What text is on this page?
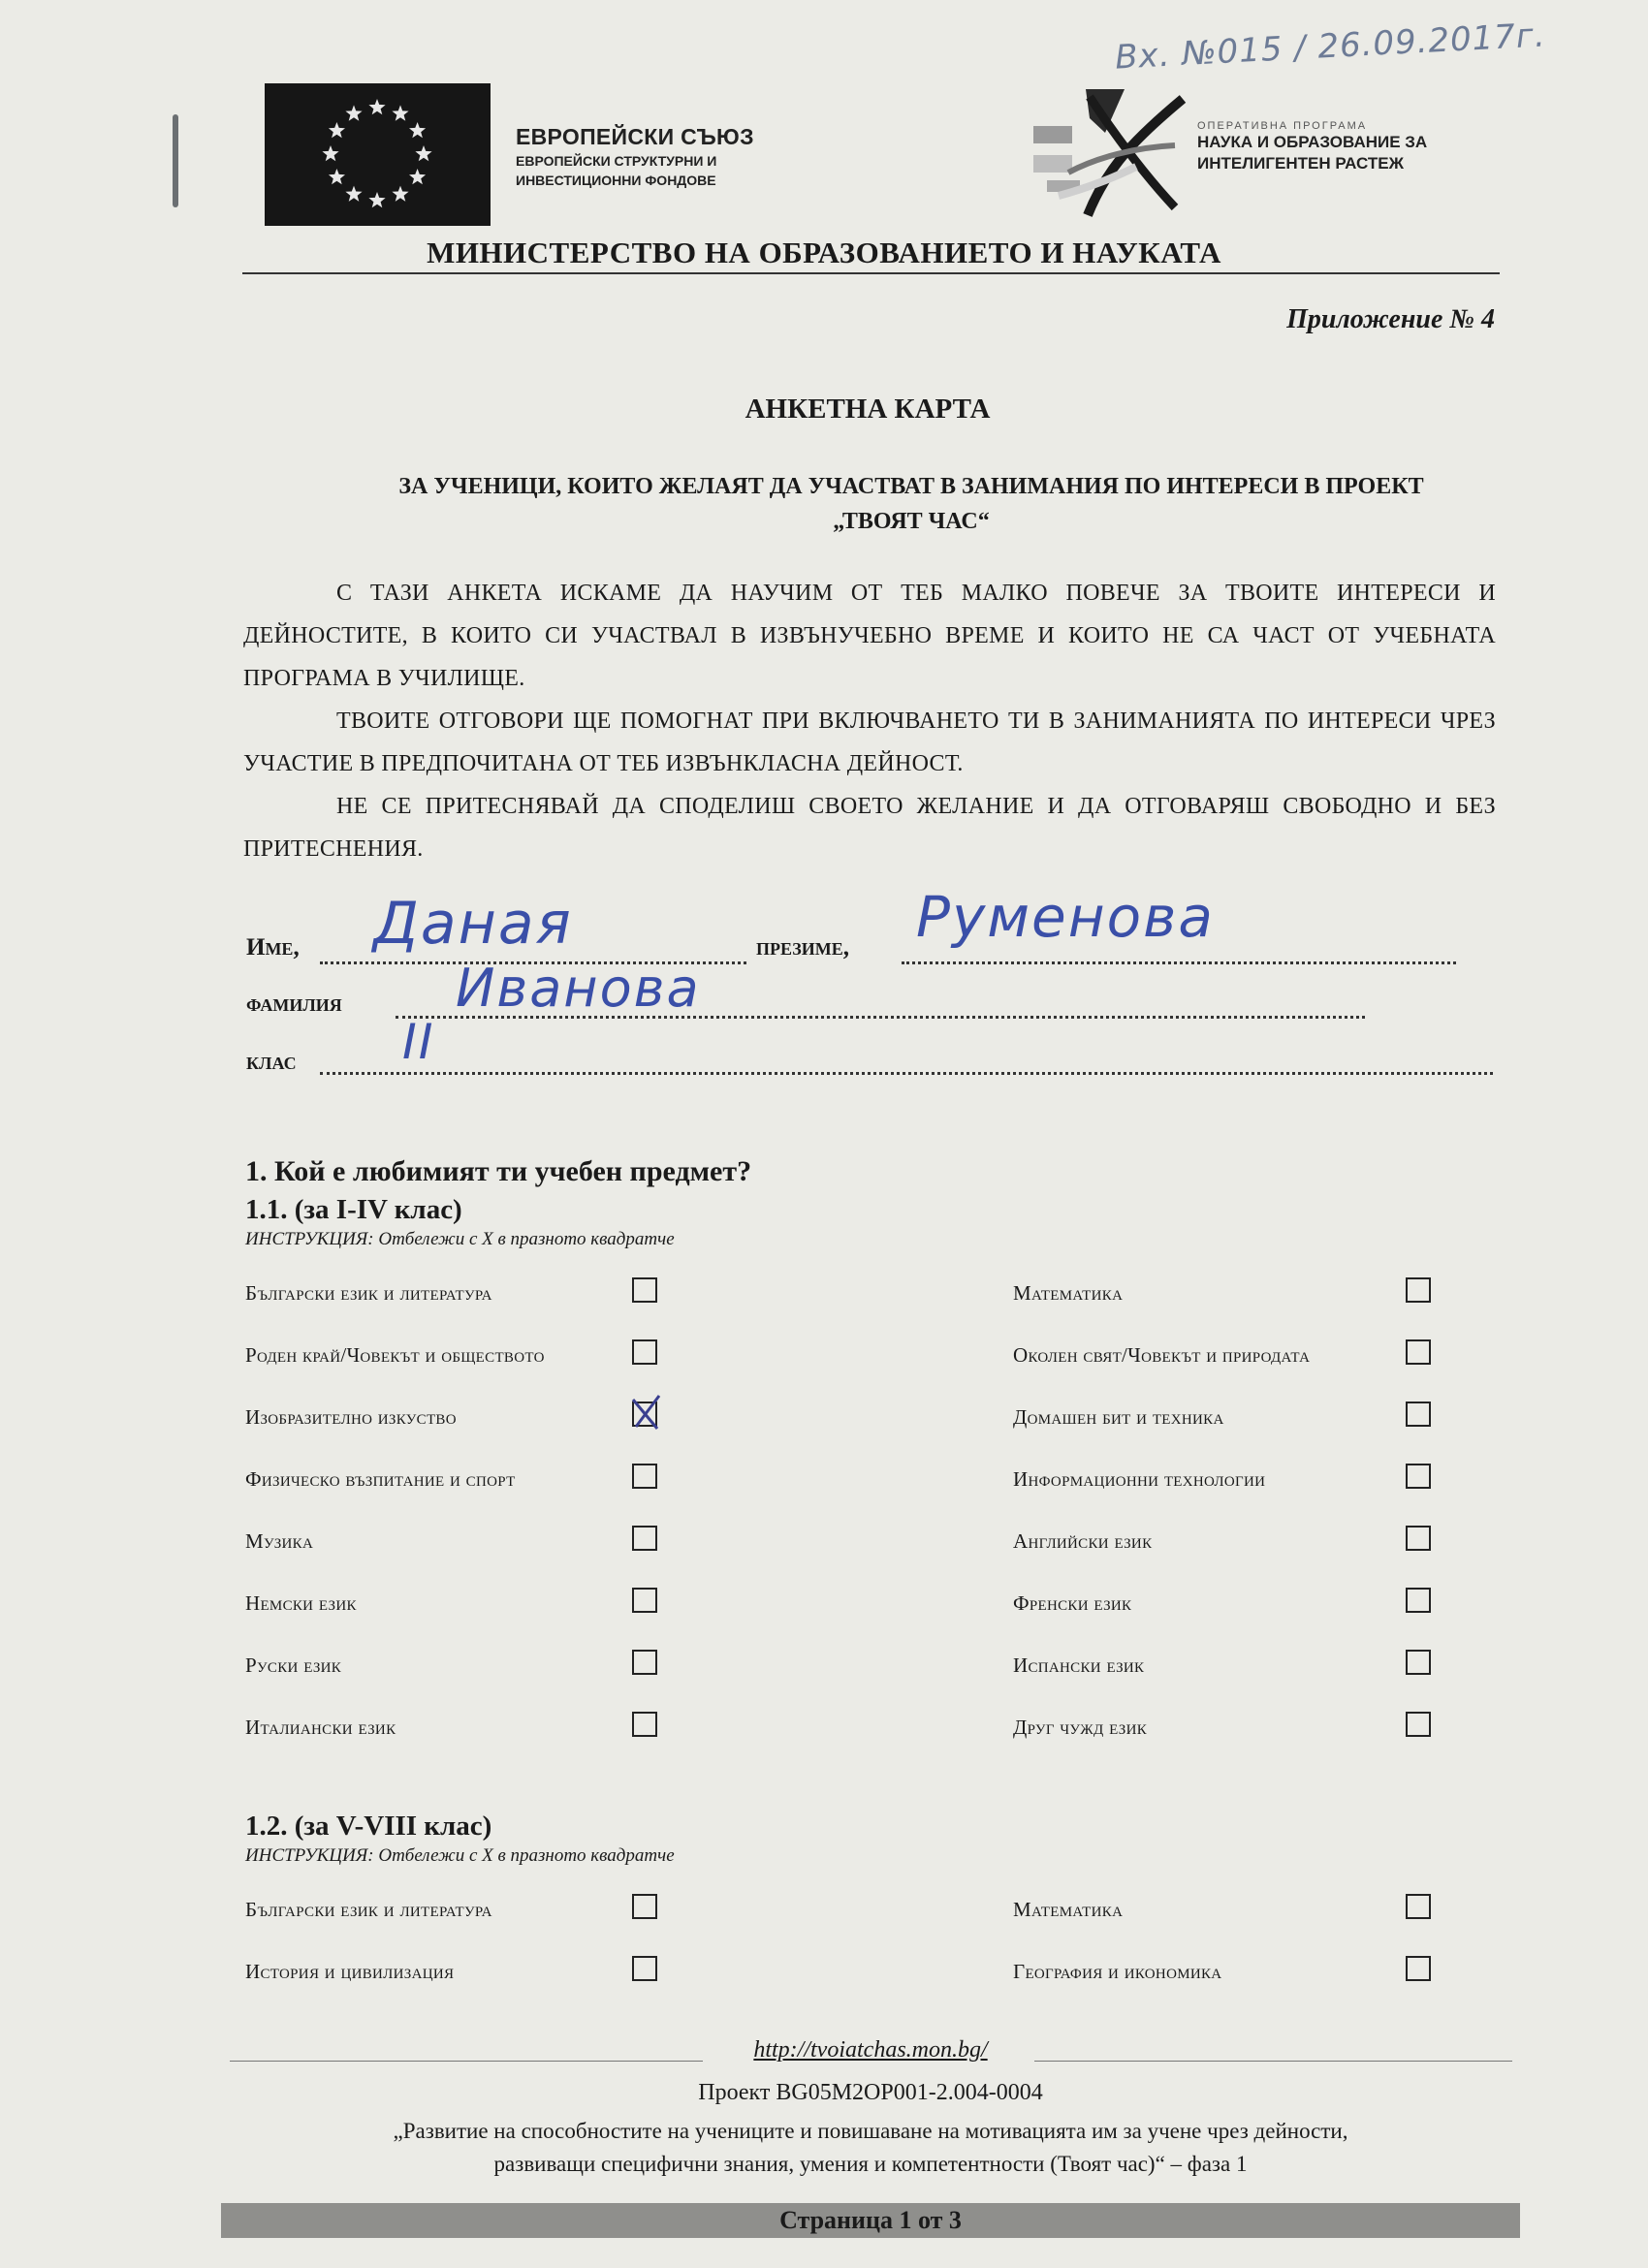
Вх. №015 / 26.09.2017г.
ЕВРОПЕЙСКИ СЪЮЗ
ЕВРОПЕЙСКИ СТРУКТУРНИ И
ИНВЕСТИЦИОННИ ФОНДОВЕ
ОПЕРАТИВНА ПРОГРАМА
НАУКА И ОБРАЗОВАНИЕ ЗА
ИНТЕЛИГЕНТЕН РАСТЕЖ
МИНИСТЕРСТВО НА ОБРАЗОВАНИЕТО И НАУКАТА
Приложение № 4
АНКЕТНА КАРТА
ЗА УЧЕНИЦИ, КОИТО ЖЕЛАЯТ ДА УЧАСТВАТ В ЗАНИМАНИЯ ПО ИНТЕРЕСИ В ПРОЕКТ
„ТВОЯТ ЧАС“
С ТАЗИ АНКЕТА ИСКАМЕ ДА НАУЧИМ ОТ ТЕБ МАЛКО ПОВЕЧЕ ЗА ТВОИТЕ ИНТЕРЕСИ И ДЕЙНОСТИТЕ, В КОИТО СИ УЧАСТВАЛ В ИЗВЪНУЧЕБНО ВРЕМЕ И КОИТО НЕ СА ЧАСТ ОТ УЧЕБНАТА ПРОГРАМА В УЧИЛИЩЕ.
ТВОИТЕ ОТГОВОРИ ЩЕ ПОМОГНАТ ПРИ ВКЛЮЧВАНЕТО ТИ В ЗАНИМАНИЯТА ПО ИНТЕРЕСИ ЧРЕЗ УЧАСТИЕ В ПРЕДПОЧИТАНА ОТ ТЕБ ИЗВЪНКЛАСНА ДЕЙНОСТ.
НЕ СЕ ПРИТЕСНЯВАЙ ДА СПОДЕЛИШ СВОЕТО ЖЕЛАНИЕ И ДА ОТГОВАРЯШ СВОБОДНО И БЕЗ ПРИТЕСНЕНИЯ.
Име, Даная	презиме, Руменова
фамилия Иванова
клас II
1. Кой е любимият ти учебен предмет?
1.1. (за I-IV клас)
ИНСТРУКЦИЯ: Отбележи с Х в празното квадратче
Български език и литература
Роден край/Човекът и обществото
Изобразително изкуство
Физическо възпитание и спорт
Музика
Немски език
Руски език
Италиански език
Математика
Околен свят/Човекът и природата
Домашен бит и техника
Информационни технологии
Английски език
Френски език
Испански език
Друг чужд език
1.2. (за V-VIII клас)
ИНСТРУКЦИЯ: Отбележи с Х в празното квадратче
Български език и литература
История и цивилизация
Математика
География и икономика
http://tvoiatchas.mon.bg/
Проект BG05M2OP001-2.004-0004
„Развитие на способностите на учениците и повишаване на мотивацията им за учене чрез дейности,
развиващи специфични знания, умения и компетентности (Твоят час)“ – фаза 1
Страница 1 от 3
